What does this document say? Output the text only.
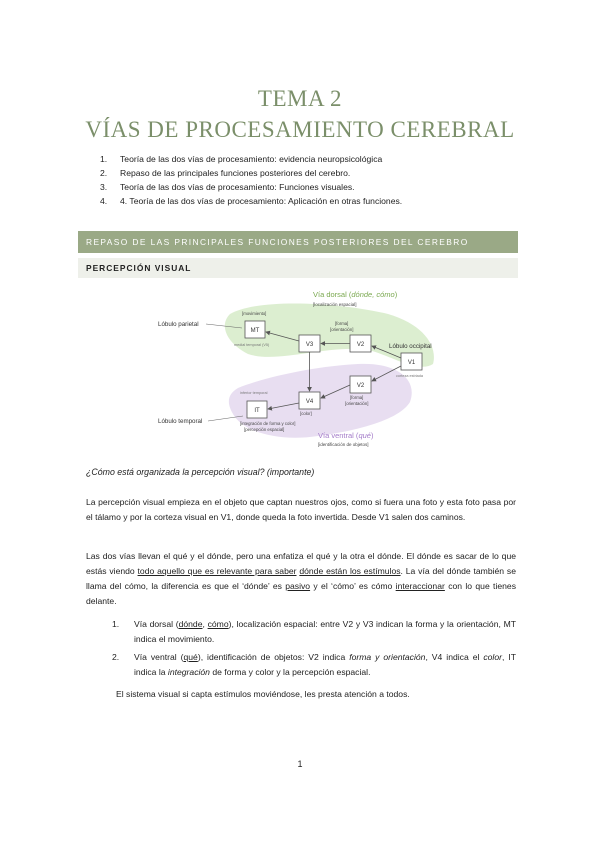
TEMA 2
VÍAS DE PROCESAMIENTO CEREBRAL
1.	Teoría de las dos vías de procesamiento: evidencia neuropsicológica
2.	Repaso de las principales funciones posteriores del cerebro.
3.	Teoría de las dos vías de procesamiento: Funciones visuales.
4.	4. Teoría de las dos vías de procesamiento: Aplicación en otras funciones.
REPASO DE LAS PRINCIPALES FUNCIONES POSTERIORES DEL CEREBRO
PERCEPCIÓN VISUAL
Vía dorsal (dónde, cómo)
[localización espacial]
Lóbulo parietal
Lóbulo occipital
Lóbulo temporal
[movimiento]
MT
medial temporal (V5)	V3
[forma]
[orientación]
V2
V1
corteza estriada
V2
[forma]
[orientación]
V4
[color]
inferior temporal
IT
[integración de forma y color]
[percepción espacial]
Vía ventral (qué)
[identificación de objetos]

¿Cómo está organizada la percepción visual? (importante)

La percepción visual empieza en el objeto que captan nuestros ojos, como si fuera una foto y esta foto pasa por el tálamo y por la corteza visual en V1, donde queda la foto invertida. Desde V1 salen dos caminos.

Las dos vías llevan el qué y el dónde, pero una enfatiza el qué y la otra el dónde. El dónde es sacar de lo que estás viendo todo aquello que es relevante para saber dónde están los estímulos. La vía del dónde también se llama del cómo, la diferencia es que el ‘dónde’ es pasivo y el ‘cómo’ es cómo interaccionar con lo que tienes delante.

1.	Vía dorsal (dónde, cómo), localización espacial: entre V2 y V3 indican la forma y la orientación, MT indica el movimiento.
2.	Vía ventral (qué), identificación de objetos: V2 indica forma y orientación, V4 indica el color, IT indica la integración de forma y color y la percepción espacial.

El sistema visual si capta estímulos moviéndose, les presta atención a todos.

1
